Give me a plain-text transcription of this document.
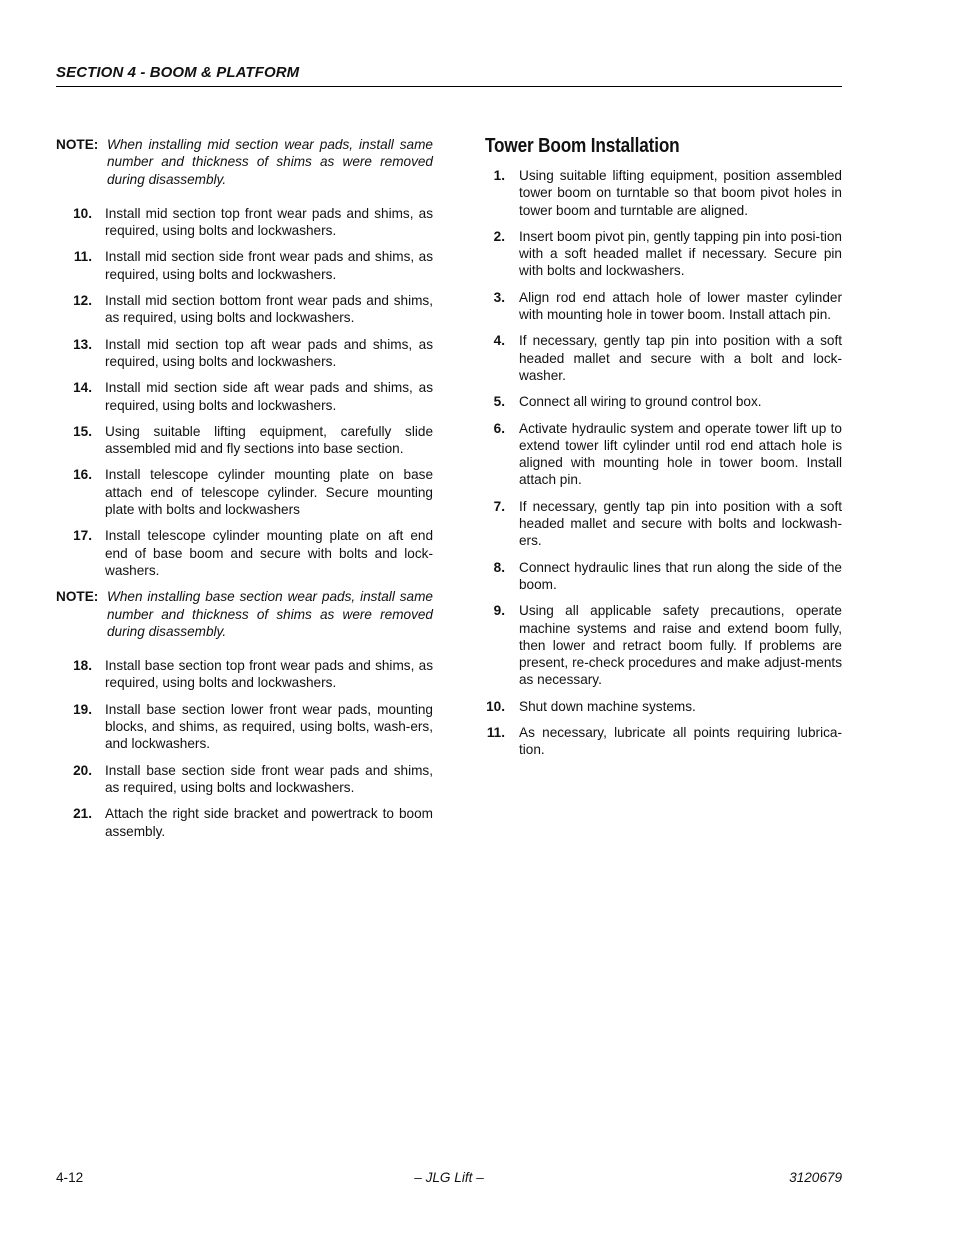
SECTION 4 - BOOM & PLATFORM
NOTE: When installing mid section wear pads, install same number and thickness of shims as were removed during disassembly.
10. Install mid section top front wear pads and shims, as required, using bolts and lockwashers.
11. Install mid section side front wear pads and shims, as required, using bolts and lockwashers.
12. Install mid section bottom front wear pads and shims, as required, using bolts and lockwashers.
13. Install mid section top aft wear pads and shims, as required, using bolts and lockwashers.
14. Install mid section side aft wear pads and shims, as required, using bolts and lockwashers.
15. Using suitable lifting equipment, carefully slide assembled mid and fly sections into base section.
16. Install telescope cylinder mounting plate on base attach end of telescope cylinder. Secure mounting plate with bolts and lockwashers
17. Install telescope cylinder mounting plate on aft end end of base boom and secure with bolts and lock-washers.
NOTE: When installing base section wear pads, install same number and thickness of shims as were removed during disassembly.
18. Install base section top front wear pads and shims, as required, using bolts and lockwashers.
19. Install base section lower front wear pads, mounting blocks, and shims, as required, using bolts, wash-ers, and lockwashers.
20. Install base section side front wear pads and shims, as required, using bolts and lockwashers.
21. Attach the right side bracket and powertrack to boom assembly.
Tower Boom Installation
1. Using suitable lifting equipment, position assembled tower boom on turntable so that boom pivot holes in tower boom and turntable are aligned.
2. Insert boom pivot pin, gently tapping pin into posi-tion with a soft headed mallet if necessary. Secure pin with bolts and lockwashers.
3. Align rod end attach hole of lower master cylinder with mounting hole in tower boom. Install attach pin.
4. If necessary, gently tap pin into position with a soft headed mallet and secure with a bolt and lock-washer.
5. Connect all wiring to ground control box.
6. Activate hydraulic system and operate tower lift up to extend tower lift cylinder until rod end attach hole is aligned with mounting hole in tower boom. Install attach pin.
7. If necessary, gently tap pin into position with a soft headed mallet and secure with bolts and lockwash-ers.
8. Connect hydraulic lines that run along the side of the boom.
9. Using all applicable safety precautions, operate machine systems and raise and extend boom fully, then lower and retract boom fully. If problems are present, re-check procedures and make adjust-ments as necessary.
10. Shut down machine systems.
11. As necessary, lubricate all points requiring lubrica-tion.
4-12	– JLG Lift –	3120679
